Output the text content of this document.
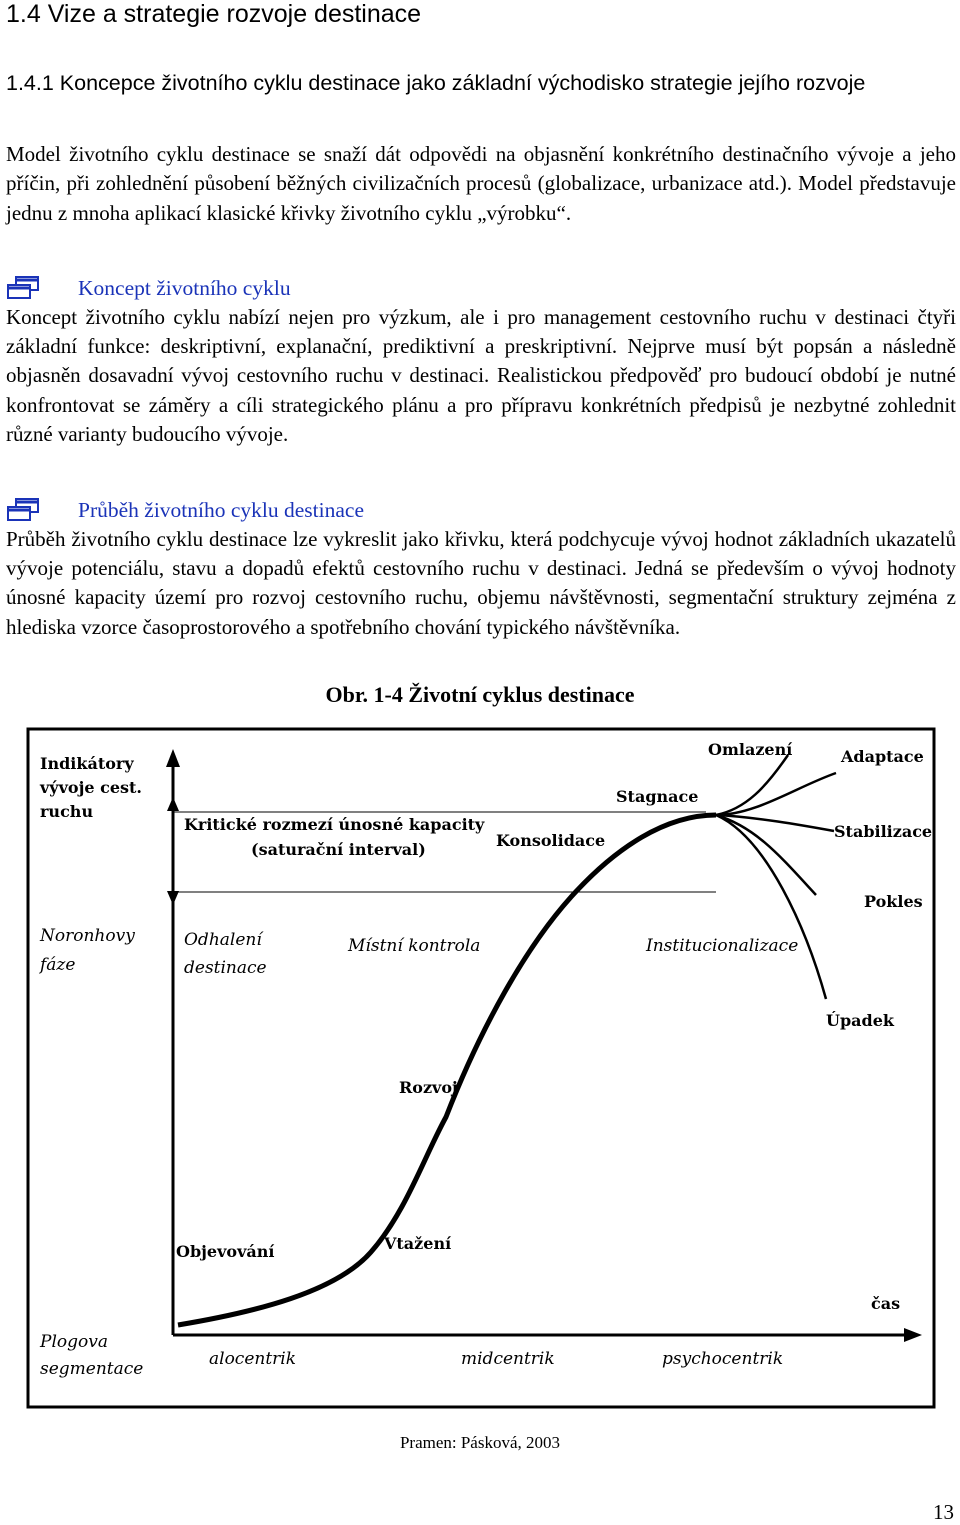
1.4 Vize a strategie rozvoje destinace
1.4.1 Koncepce životního cyklu destinace jako základní východisko strategie jejího rozvoje

Model životního cyklu destinace se snaží dát odpovědi na objasnění konkrétního destinačního vývoje a jeho příčin, při zohlednění působení běžných civilizačních procesů (globalizace, urbanizace atd.). Model představuje jednu z mnoha aplikací klasické křivky životního cyklu „výrobku“.

Koncept životního cyklu

Koncept životního cyklu nabízí nejen pro výzkum, ale i pro management cestovního ruchu v destinaci čtyři základní funkce: deskriptivní, explanační, prediktivní a preskriptivní. Nejprve musí být popsán a následně objasněn dosavadní vývoj cestovního ruchu v destinaci. Realistickou předpověď pro budoucí období je nutné konfrontovat se záměry a cíli strategického plánu a pro přípravu konkrétních předpisů je nezbytné zohlednit různé varianty budoucího vývoje.

Průběh životního cyklu destinace

Průběh životního cyklu destinace lze vykreslit jako křivku, která podchycuje vývoj hodnot základních ukazatelů vývoje potenciálu, stavu a dopadů efektů cestovního ruchu v destinaci. Jedná se především o vývoj hodnoty únosné kapacity území pro rozvoj cestovního ruchu, objemu návštěvnosti, segmentační struktury zejména z hlediska vzorce časoprostorového a spotřebního chování typického návštěvníka.

Obr. 1-4 Životní cyklus destinace
Indikátory
vývoje cest.
ruchu
Kritické rozmezí únosné kapacity
(saturační interval)
Omlazení	Adaptace
Stagnace
Stabilizace
Konsolidace
Pokles
Úpadek
Rozvoj
Vtažení
Objevování
čas
Noronhovy
fáze
Odhalení
destinace
Místní kontrola	Institucionalizace
Plogova
segmentace	alocentrik	midcentrik	psychocentrik
Pramen: Pásková, 2003
13
